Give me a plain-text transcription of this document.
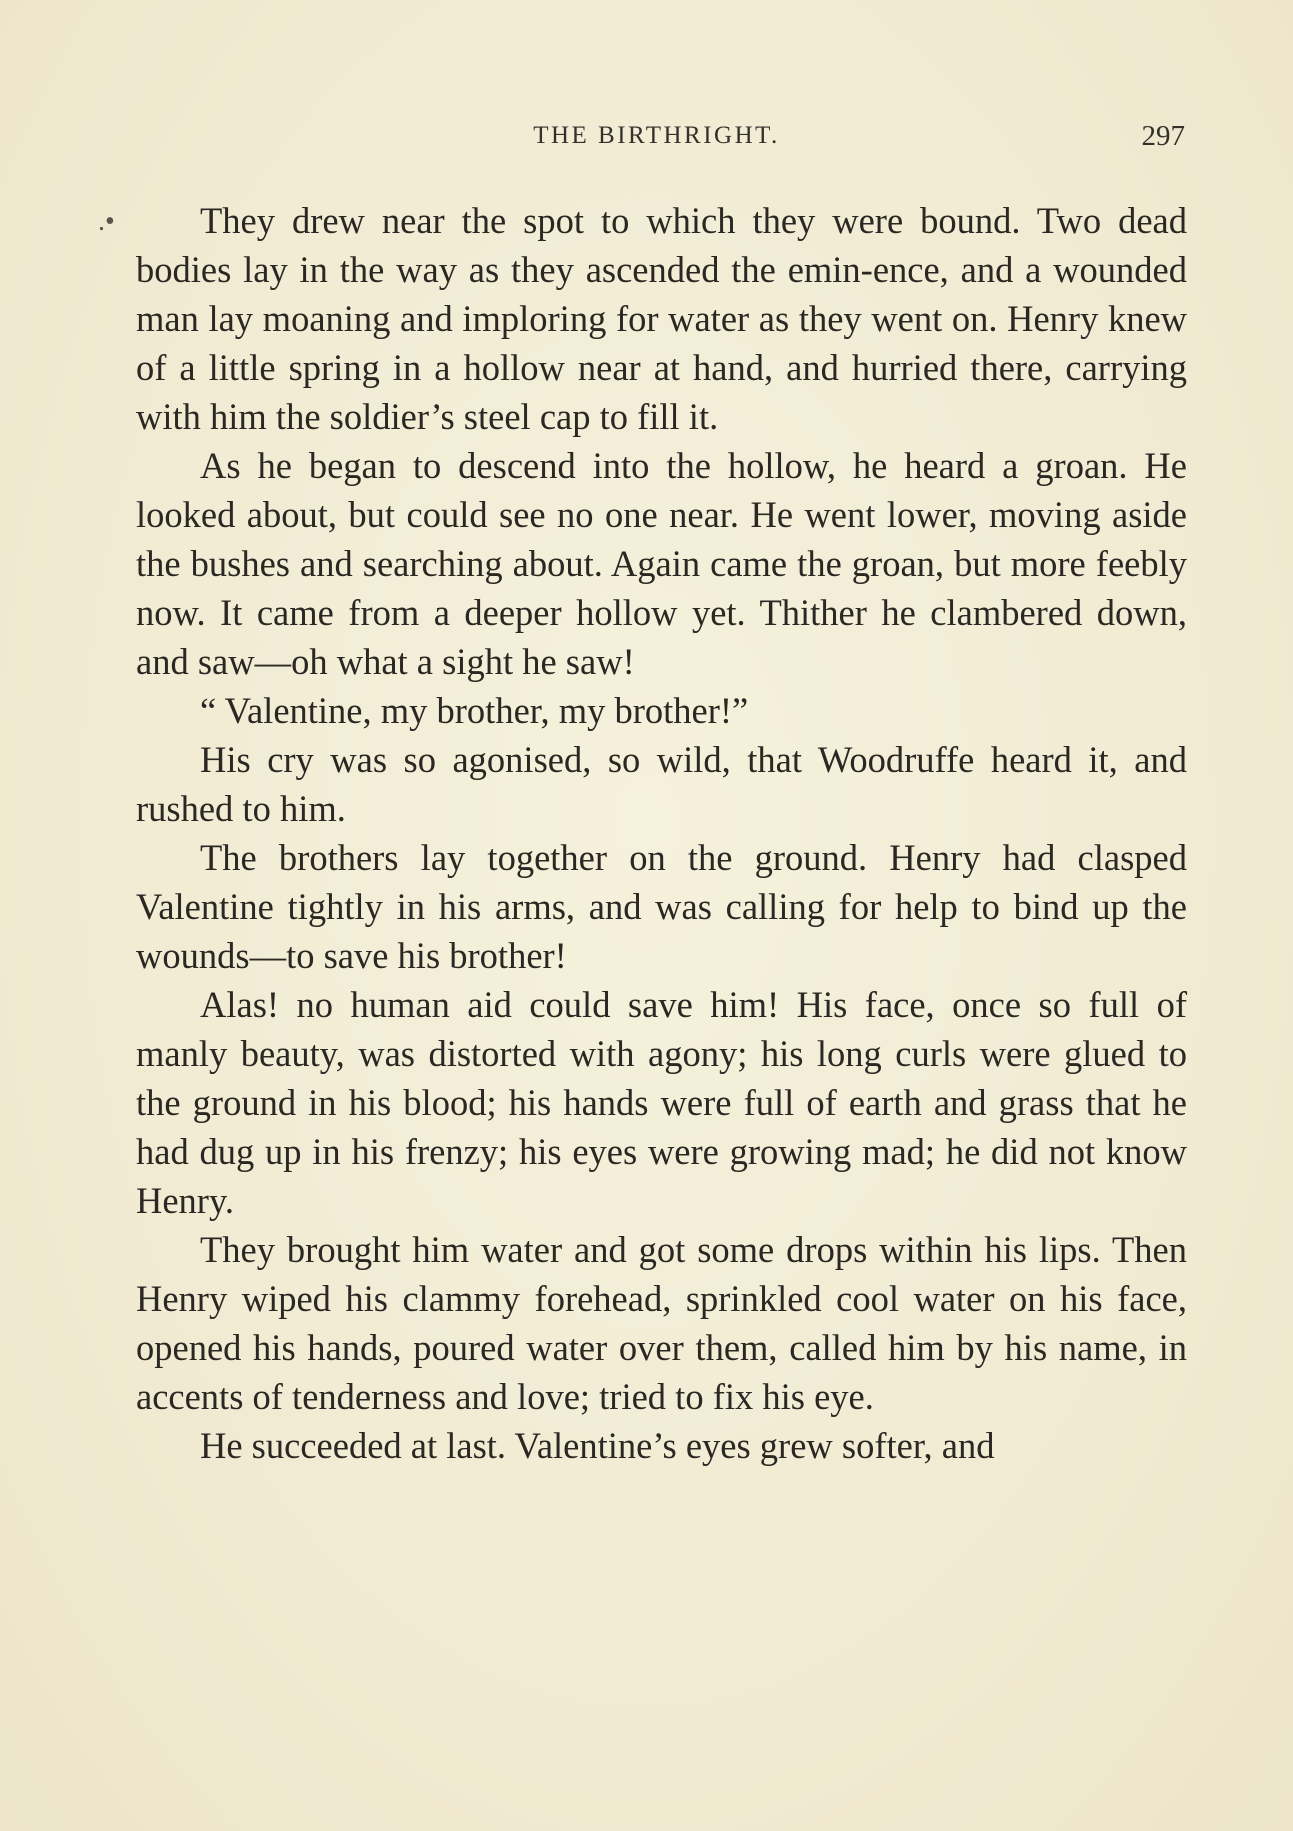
THE BIRTHRIGHT.	297
.•	They drew near the spot to which they were bound. Two dead bodies lay in the way as they ascended the emin-ence, and a wounded man lay moaning and imploring for water as they went on. Henry knew of a little spring in a hollow near at hand, and hurried there, carrying with him the soldier’s steel cap to fill it.

As he began to descend into the hollow, he heard a groan. He looked about, but could see no one near. He went lower, moving aside the bushes and searching about. Again came the groan, but more feebly now. It came from a deeper hollow yet. Thither he clambered down, and saw—oh what a sight he saw!

“ Valentine, my brother, my brother!”

His cry was so agonised, so wild, that Woodruffe heard it, and rushed to him.

The brothers lay together on the ground. Henry had clasped Valentine tightly in his arms, and was calling for help to bind up the wounds—to save his brother!

Alas! no human aid could save him! His face, once so full of manly beauty, was distorted with agony; his long curls were glued to the ground in his blood; his hands were full of earth and grass that he had dug up in his frenzy; his eyes were growing mad; he did not know Henry.

They brought him water and got some drops within his lips. Then Henry wiped his clammy forehead, sprinkled cool water on his face, opened his hands, poured water over them, called him by his name, in accents of tenderness and love; tried to fix his eye.

He succeeded at last. Valentine’s eyes grew softer, and
